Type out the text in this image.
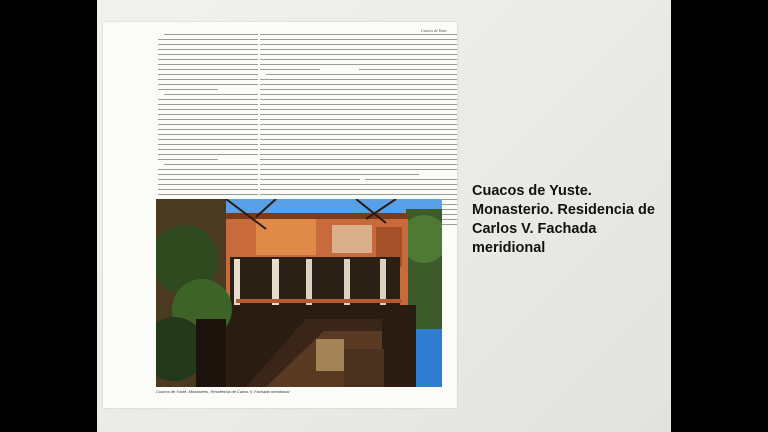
Cuacos de Yuste
Cuacos de Yuste. Monasterio. Residencia de Carlos V. Fachada meridional
Cuacos de Yuste. Monasterio. Residencia de Carlos V. Fachada meridional
